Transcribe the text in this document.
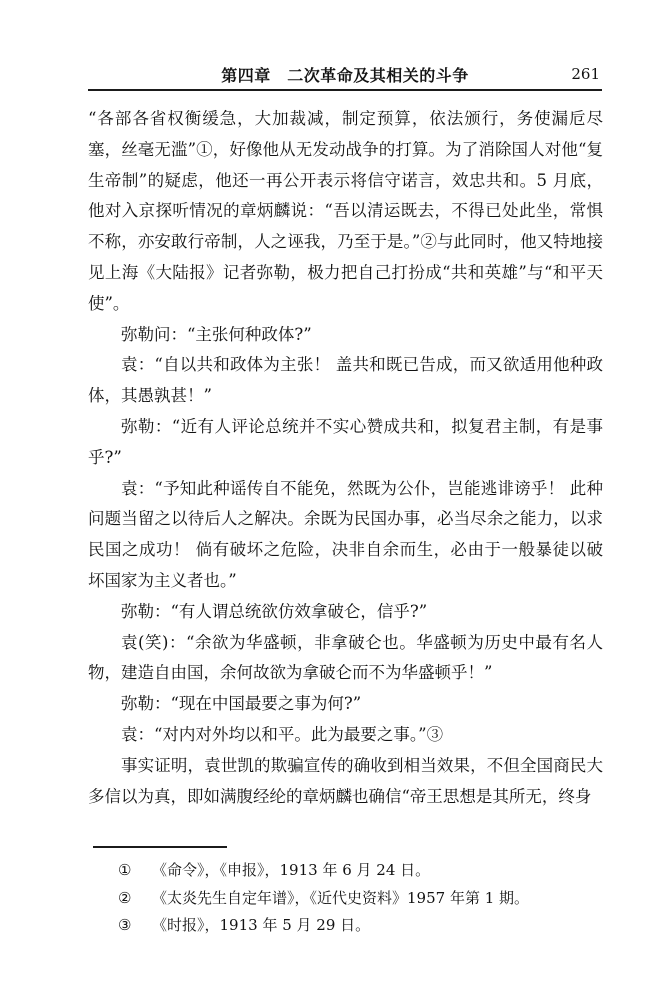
第四章　二次革命及其相关的斗争	261

“各部各省权衡缓急，大加裁减，制定预算，依法颁行，务使漏卮尽塞，丝毫无滥”①，好像他从无发动战争的打算。为了消除国人对他“复生帝制”的疑虑，他还一再公开表示将信守诺言，效忠共和。5 月底，他对入京探听情况的章炳麟说：“吾以清运既去，不得已处此坐，常惧不称，亦安敢行帝制，人之诬我，乃至于是。”②与此同时，他又特地接见上海《大陆报》记者弥勒，极力把自己打扮成“共和英雄”与“和平天使”。

弥勒问：“主张何种政体?”

袁：“自以共和政体为主张！ 盖共和既已告成，而又欲适用他种政体，其愚孰甚！”

弥勒：“近有人评论总统并不实心赞成共和，拟复君主制，有是事乎?”

袁：“予知此种谣传自不能免，然既为公仆，岂能逃诽谤乎！ 此种问题当留之以待后人之解决。余既为民国办事，必当尽余之能力，以求民国之成功！ 倘有破坏之危险，决非自余而生，必由于一般暴徒以破坏国家为主义者也。”

弥勒：“有人谓总统欲仿效拿破仑，信乎?”

袁(笑)：“余欲为华盛顿，非拿破仑也。华盛顿为历史中最有名人物，建造自由国，余何故欲为拿破仑而不为华盛顿乎！”

弥勒：“现在中国最要之事为何?”

袁：“对内对外均以和平。此为最要之事。”③

事实证明，袁世凯的欺骗宣传的确收到相当效果，不但全国商民大多信以为真，即如满腹经纶的章炳麟也确信“帝王思想是其所无，终身

① 《命令》，《申报》，1913 年 6 月 24 日。
② 《太炎先生自定年谱》，《近代史资料》1957 年第 1 期。
③ 《时报》，1913 年 5 月 29 日。
